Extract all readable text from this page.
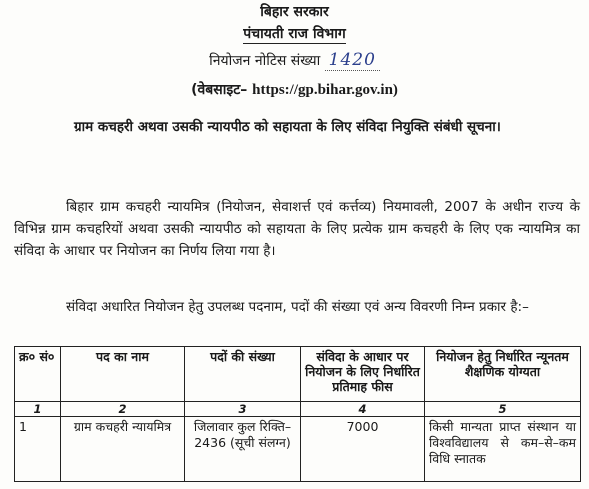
बिहार सरकार
पंचायती राज विभाग
नियोजन नोटिस संख्या 1420
(वेबसाइट– https://gp.bihar.gov.in)
ग्राम कचहरी अथवा उसकी न्यायपीठ को सहायता के लिए संविदा नियुक्ति संबंधी सूचना।
बिहार ग्राम कचहरी न्यायमित्र (नियोजन, सेवाशर्त्त एवं कर्त्तव्य) नियमावली, 2007 के अधीन राज्य के विभिन्न ग्राम कचहरियों अथवा उसकी न्यायपीठ को सहायता के लिए प्रत्येक ग्राम कचहरी के लिए एक न्यायमित्र का संविदा के आधार पर नियोजन का निर्णय लिया गया है।
संविदा अधारित नियोजन हेतु उपलब्ध पदनाम, पदों की संख्या एवं अन्य विवरणी निम्न प्रकार है:–
क्र० सं०	पद का नाम	पदों की संख्या	संविदा के आधार पर नियोजन के लिए निर्धारित प्रतिमाह फीस	नियोजन हेतु निर्धारित न्यूनतम शैक्षणिक योग्यता
1	2	3	4	5
1	ग्राम कचहरी न्यायमित्र	जिलावार कुल रिक्ति–2436 (सूची संलग्न)	7000	किसी मान्यता प्राप्त संस्थान या विश्वविद्यालय से कम–से–कम विधि स्नातक
